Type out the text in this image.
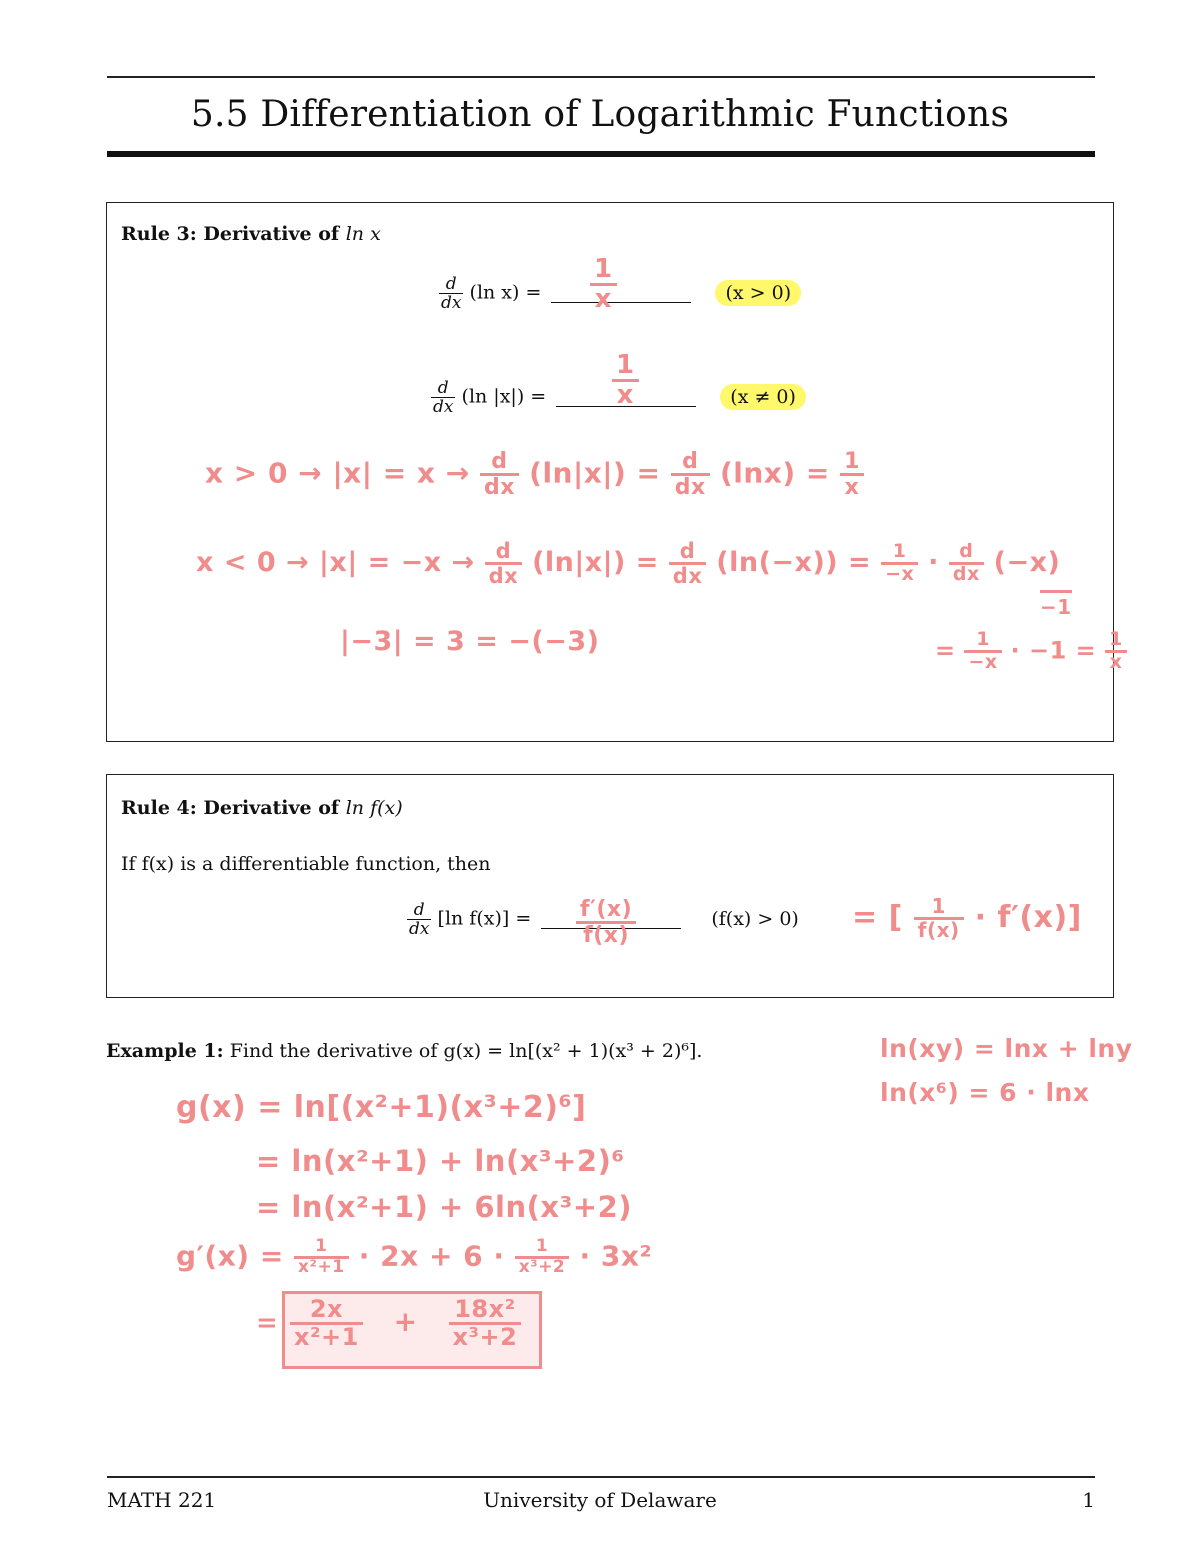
5.5 Differentiation of Logarithmic Functions
Rule 3: Derivative of ln x
$\frac{d}{dx} (\ln$ x) =	(x > 0)
$\frac{d}{dx} (\ln$ |x|) =	(x ≠ 0)
$\frac{1}{x}$
$\frac{1}{x}$
$x > 0 \to |x| = x \to \frac{d}{dx} (\ln|x|) = \frac{d}{dx} (\ln x) = \frac{1}{x}$
$x < 0 \to |x| = -x \to \frac{d}{dx} (\ln|x|) = \frac{d}{dx} (\ln(-x)) = \frac{1}{-x} \cdot \frac{d}{dx} (-x)$
−1
|−3| = 3 = −(−3)	= $\frac{1}{-x} \cdot -1 = \frac{1}{x}$
Rule 4: Derivative of ln f(x)
If f(x) is a differentiable function, then
$\frac{d}{dx} [\ln$ f(x)] =	(f(x) > 0)
$\frac{f'(x)}{f(x)}$	= [ $\frac{1}{f(x)} \cdot f'(x)$]
Example 1: Find the derivative of g(x) = ln[(x² + 1)(x³ + 2)⁶].	ln(xy) = lnx + lny
ln(x⁶) = 6 · lnx
g(x) = ln[(x²+1)(x³+2)⁶]
= ln(x²+1) + ln(x³+2)⁶
= ln(x²+1) + 6ln(x³+2)
$g'(x) = \frac{1}{\text{x²+1}} \cdot 2x + 6 \cdot \frac{1}{\text{x³+2}} \cdot 3x^2$
= $\frac{2x}{\text{x²+1}} + \frac{\text{18x²}}{\text{x³+2}}$
MATH 221	University of Delaware	1
